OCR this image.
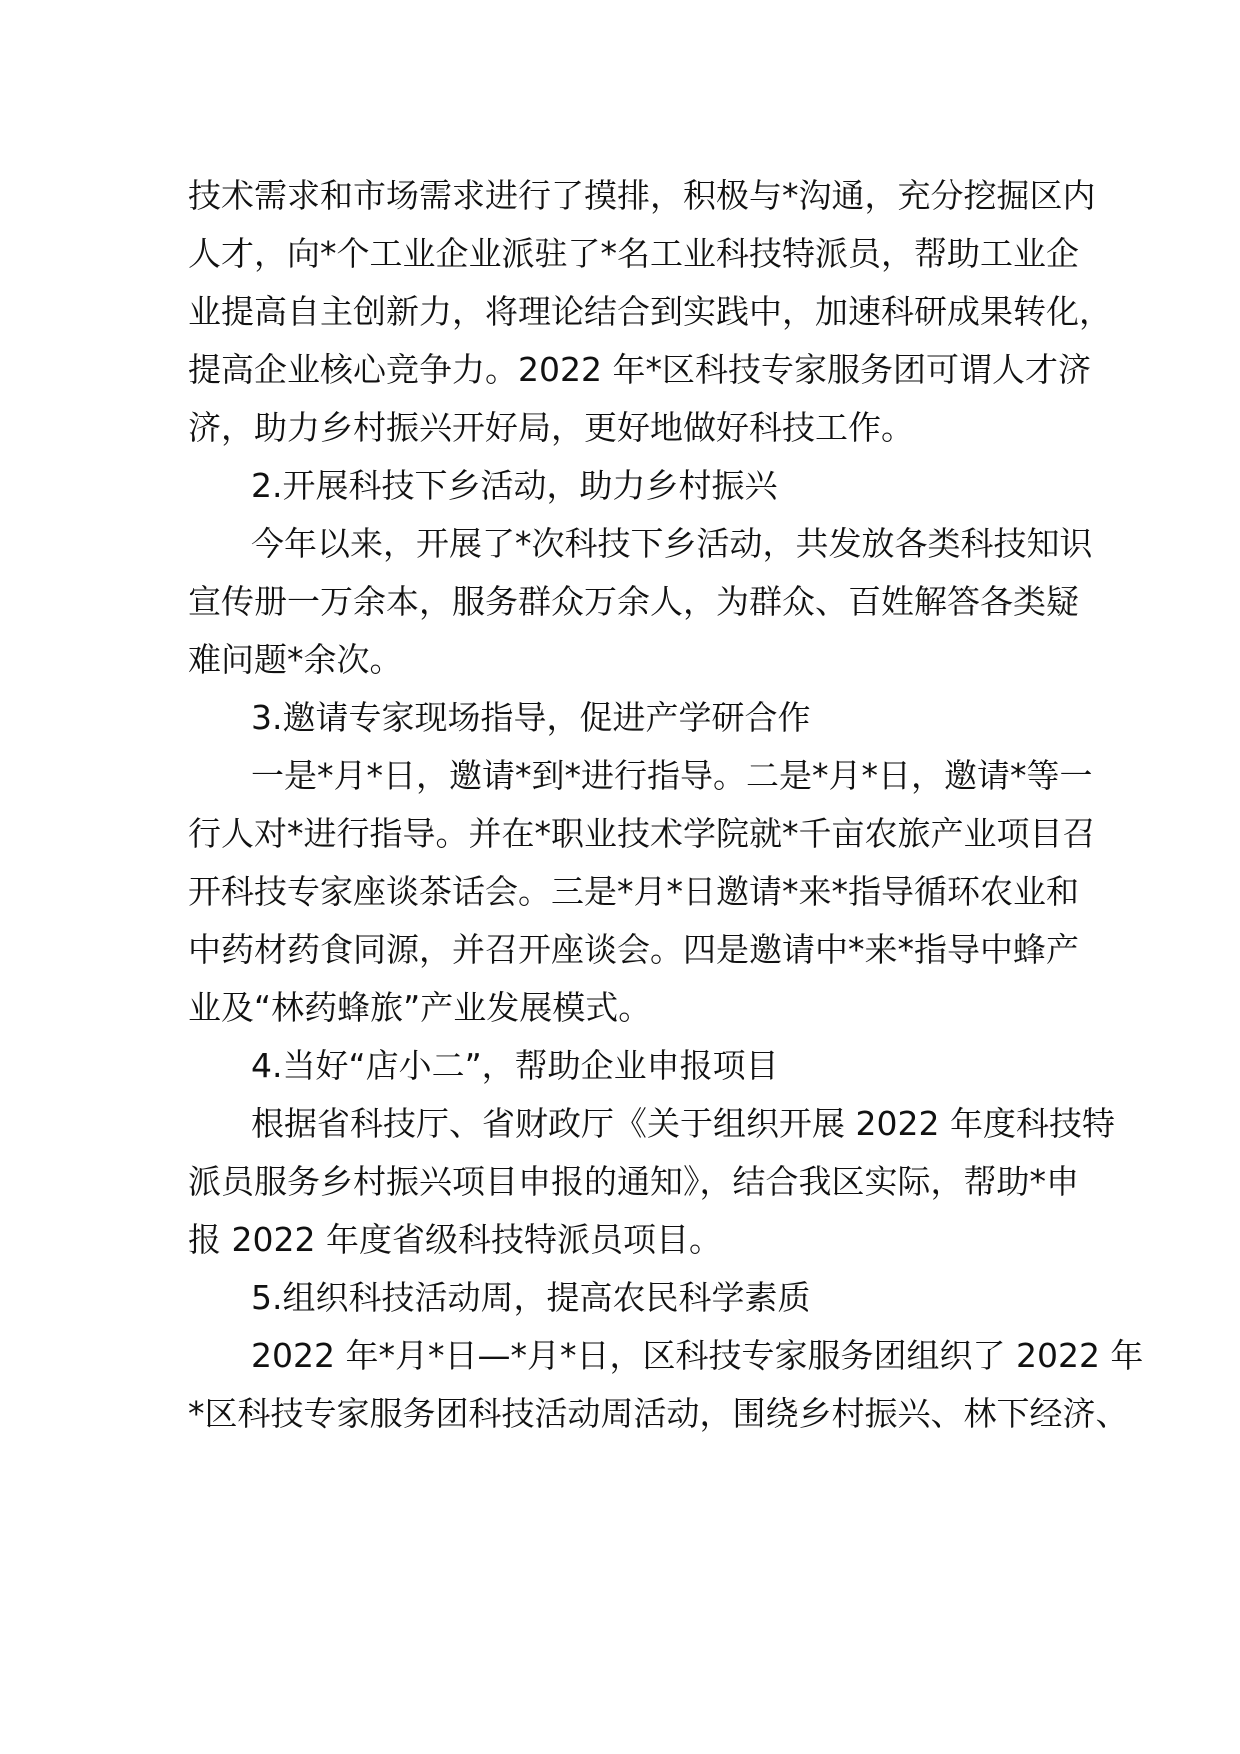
技术需求和市场需求进行了摸排，积极与*沟通，充分挖掘区内
人才，向*个工业企业派驻了*名工业科技特派员，帮助工业企
业提高自主创新力，将理论结合到实践中，加速科研成果转化，
提高企业核心竞争力。2022 年*区科技专家服务团可谓人才济
济，助力乡村振兴开好局，更好地做好科技工作。
2.开展科技下乡活动，助力乡村振兴
今年以来，开展了*次科技下乡活动，共发放各类科技知识
宣传册一万余本，服务群众万余人，为群众、百姓解答各类疑
难问题*余次。
3.邀请专家现场指导，促进产学研合作
一是*月*日，邀请*到*进行指导。二是*月*日，邀请*等一
行人对*进行指导。并在*职业技术学院就*千亩农旅产业项目召
开科技专家座谈茶话会。三是*月*日邀请*来*指导循环农业和
中药材药食同源，并召开座谈会。四是邀请中*来*指导中蜂产
业及“林药蜂旅”产业发展模式。
4.当好“店小二”，帮助企业申报项目
根据省科技厅、省财政厅《关于组织开展 2022 年度科技特
派员服务乡村振兴项目申报的通知》，结合我区实际，帮助*申
报 2022 年度省级科技特派员项目。
5.组织科技活动周，提高农民科学素质
2022 年*月*日—*月*日，区科技专家服务团组织了 2022 年
*区科技专家服务团科技活动周活动，围绕乡村振兴、林下经济、
